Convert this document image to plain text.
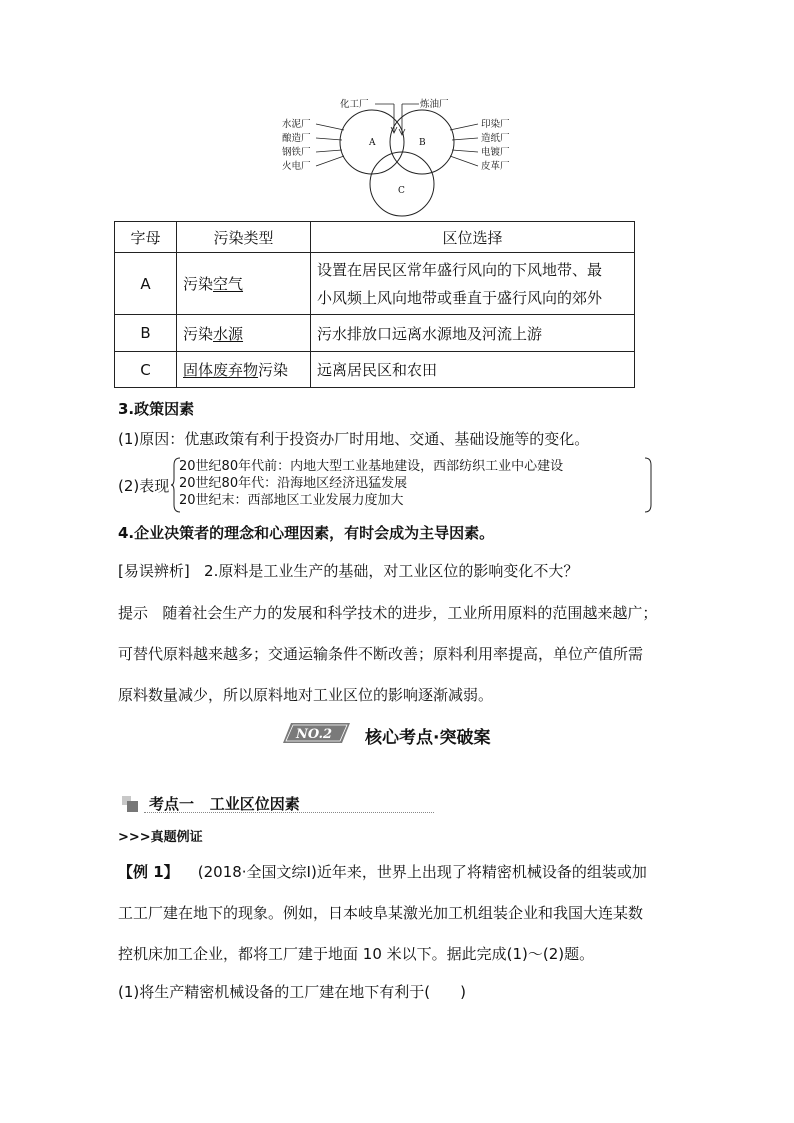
A	B
C
化工厂	炼油厂
水泥厂
酿造厂
钢铁厂
火电厂
印染厂
造纸厂
电镀厂
皮革厂
字母	污染类型	区位选择
A	污染空气	设置在居民区常年盛行风向的下风地带、最
小风频上风向地带或垂直于盛行风向的郊外

B	污染水源	污水排放口远离水源地及河流上游
C	固体废弃物污染	远离居民区和农田
3.政策因素
(1)原因：优惠政策有利于投资办厂时用地、交通、基础设施等的变化。
(2)表现
20世纪80年代前：内地大型工业基地建设，西部纺织工业中心建设
20世纪80年代：沿海地区经济迅猛发展
20世纪末：西部地区工业发展力度加大
4.企业决策者的理念和心理因素，有时会成为主导因素。
[易误辨析] 2.原料是工业生产的基础，对工业区位的影响变化不大？
提示 随着社会生产力的发展和科学技术的进步，工业所用原料的范围越来越广；
可替代原料越来越多；交通运输条件不断改善；原料利用率提高，单位产值所需
原料数量减少，所以原料地对工业区位的影响逐渐减弱。
NO.2 核心考点·突破案
考点一 工业区位因素
>>>真题例证
【例 1】 (2018·全国文综Ⅰ)近年来，世界上出现了将精密机械设备的组装或加
工工厂建在地下的现象。例如，日本岐阜某激光加工机组装企业和我国大连某数
控机床加工企业，都将工厂建于地面 10 米以下。据此完成(1)～(2)题。
(1)将生产精密机械设备的工厂建在地下有利于(　　)
